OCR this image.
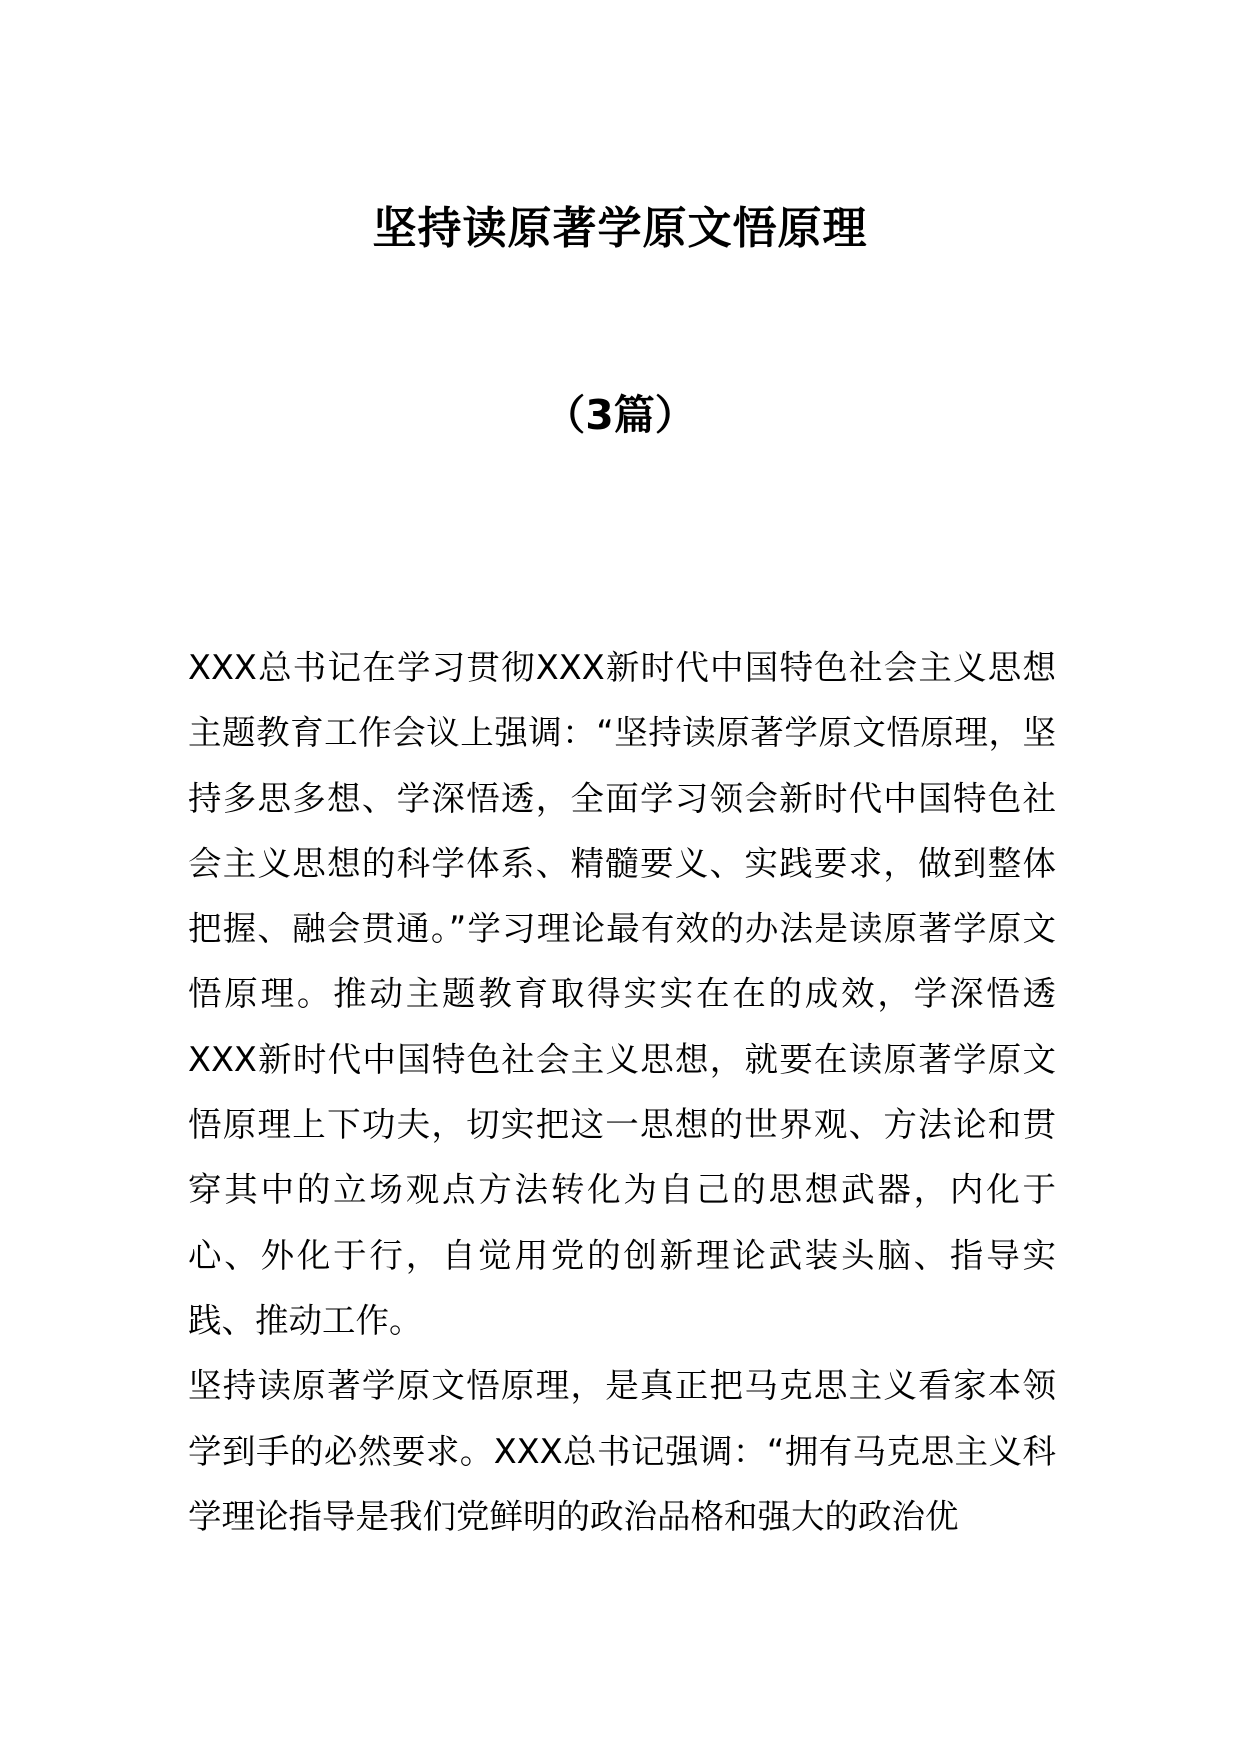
坚持读原著学原文悟原理
（3篇）

XXX总书记在学习贯彻XXX新时代中国特色社会主义思想主题教育工作会议上强调：“坚持读原著学原文悟原理，坚持多思多想、学深悟透，全面学习领会新时代中国特色社会主义思想的科学体系、精髓要义、实践要求，做到整体把握、融会贯通。”学习理论最有效的办法是读原著学原文悟原理。推动主题教育取得实实在在的成效，学深悟透XXX新时代中国特色社会主义思想，就要在读原著学原文悟原理上下功夫，切实把这一思想的世界观、方法论和贯穿其中的立场观点方法转化为自己的思想武器，内化于心、外化于行，自觉用党的创新理论武装头脑、指导实践、推动工作。

坚持读原著学原文悟原理，是真正把马克思主义看家本领学到手的必然要求。XXX总书记强调：“拥有马克思主义科学理论指导是我们党鲜明的政治品格和强大的政治优
